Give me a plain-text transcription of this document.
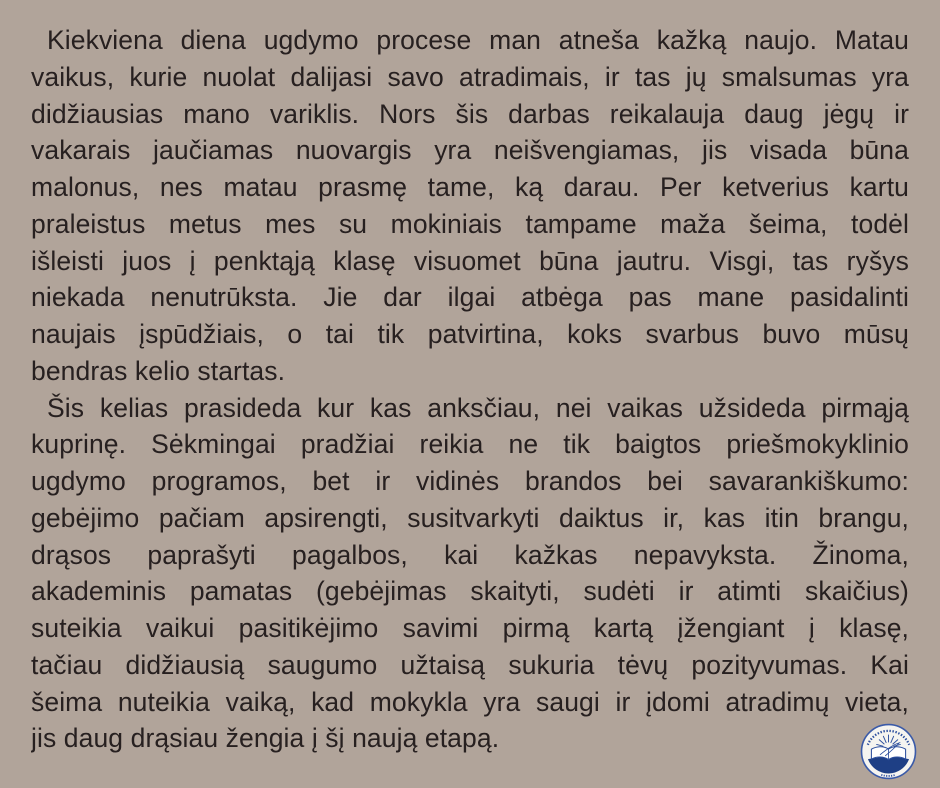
Kiekviena diena ugdymo procese man atneša kažką naujo. Matau
vaikus, kurie nuolat dalijasi savo atradimais, ir tas jų smalsumas yra
didžiausias mano variklis. Nors šis darbas reikalauja daug jėgų ir
vakarais jaučiamas nuovargis yra neišvengiamas, jis visada būna
malonus, nes matau prasmę tame, ką darau. Per ketverius kartu
praleistus metus mes su mokiniais tampame maža šeima, todėl
išleisti juos į penktąją klasę visuomet būna jautru. Visgi, tas ryšys
niekada nenutrūksta. Jie dar ilgai atbėga pas mane pasidalinti
naujais įspūdžiais, o tai tik patvirtina, koks svarbus buvo mūsų
bendras kelio startas.
Šis kelias prasideda kur kas anksčiau, nei vaikas užsideda pirmąją
kuprinę. Sėkmingai pradžiai reikia ne tik baigtos priešmokyklinio
ugdymo programos, bet ir vidinės brandos bei savarankiškumo:
gebėjimo pačiam apsirengti, susitvarkyti daiktus ir, kas itin brangu,
drąsos paprašyti pagalbos, kai kažkas nepavyksta. Žinoma,
akademinis pamatas (gebėjimas skaityti, sudėti ir atimti skaičius)
suteikia vaikui pasitikėjimo savimi pirmą kartą įžengiant į klasę,
tačiau didžiausią saugumo užtaisą sukuria tėvų pozityvumas. Kai
šeima nuteikia vaiką, kad mokykla yra saugi ir įdomi atradimų vieta,
jis daug drąsiau žengia į šį naują etapą.
